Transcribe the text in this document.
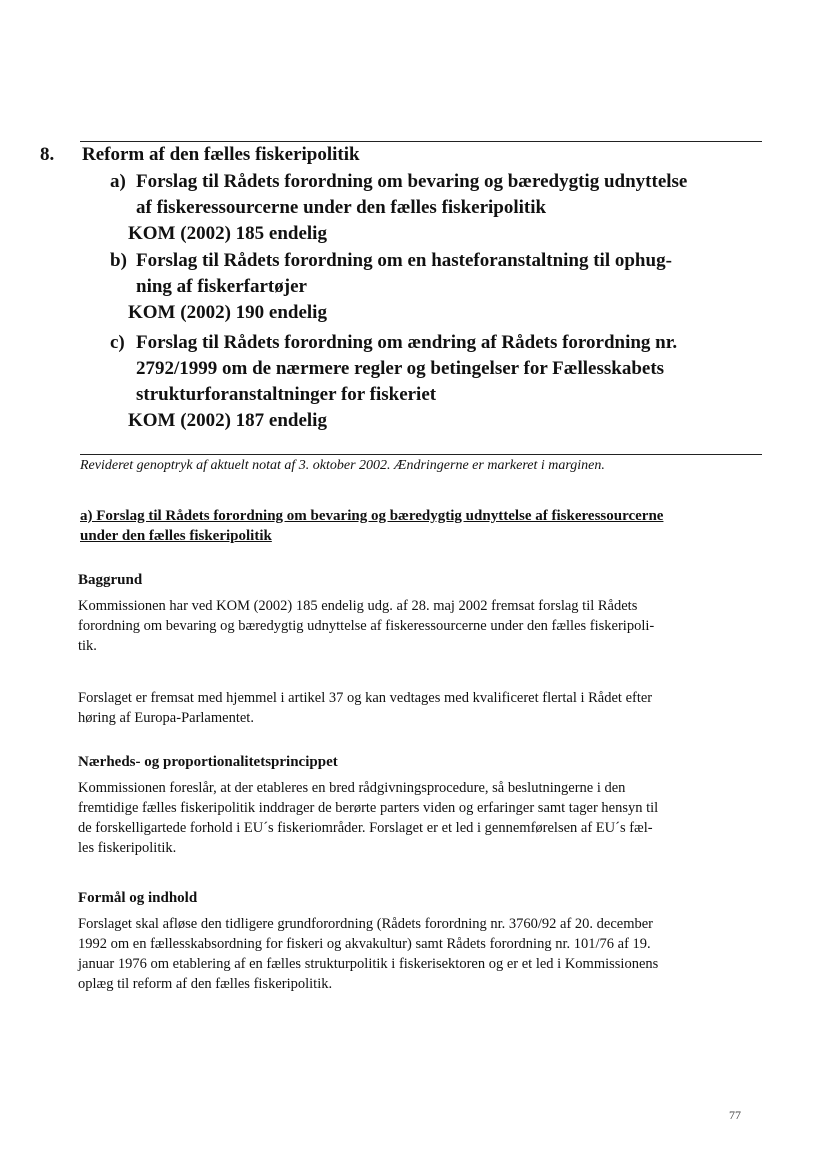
8. Reform af den fælles fiskeripolitik
a) Forslag til Rådets forordning om bevaring og bæredygtig udnyttelse
af fiskeressourcerne under den fælles fiskeripolitik
KOM (2002) 185 endelig
b) Forslag til Rådets forordning om en hasteforanstaltning til ophug-
ning af fiskerfartøjer
KOM (2002) 190 endelig
c) Forslag til Rådets forordning om ændring af Rådets forordning nr.
2792/1999 om de nærmere regler og betingelser for Fællesskabets
strukturforanstaltninger for fiskeriet
KOM (2002) 187 endelig
Revideret genoptryk af aktuelt notat af 3. oktober 2002. Ændringerne er markeret i marginen.
a) Forslag til Rådets forordning om bevaring og bæredygtig udnyttelse af fiskeressourcerne
under den fælles fiskeripolitik
Baggrund
Kommissionen har ved KOM (2002) 185 endelig udg. af 28. maj 2002 fremsat forslag til Rådets
forordning om bevaring og bæredygtig udnyttelse af fiskeressourcerne under den fælles fiskeripoli-
tik.
Forslaget er fremsat med hjemmel i artikel 37 og kan vedtages med kvalificeret flertal i Rådet efter
høring af Europa-Parlamentet.
Nærheds- og proportionalitetsprincippet
Kommissionen foreslår, at der etableres en bred rådgivningsprocedure, så beslutningerne i den
fremtidige fælles fiskeripolitik inddrager de berørte parters viden og erfaringer samt tager hensyn til
de forskelligartede forhold i EU´s fiskeriområder. Forslaget er et led i gennemførelsen af EU´s fæl-
les fiskeripolitik.
Formål og indhold
Forslaget skal afløse den tidligere grundforordning (Rådets forordning nr. 3760/92 af 20. december
1992 om en fællesskabsordning for fiskeri og akvakultur) samt Rådets forordning nr. 101/76 af 19.
januar 1976 om etablering af en fælles strukturpolitik i fiskerisektoren og er et led i Kommissionens
oplæg til reform af den fælles fiskeripolitik.
77
